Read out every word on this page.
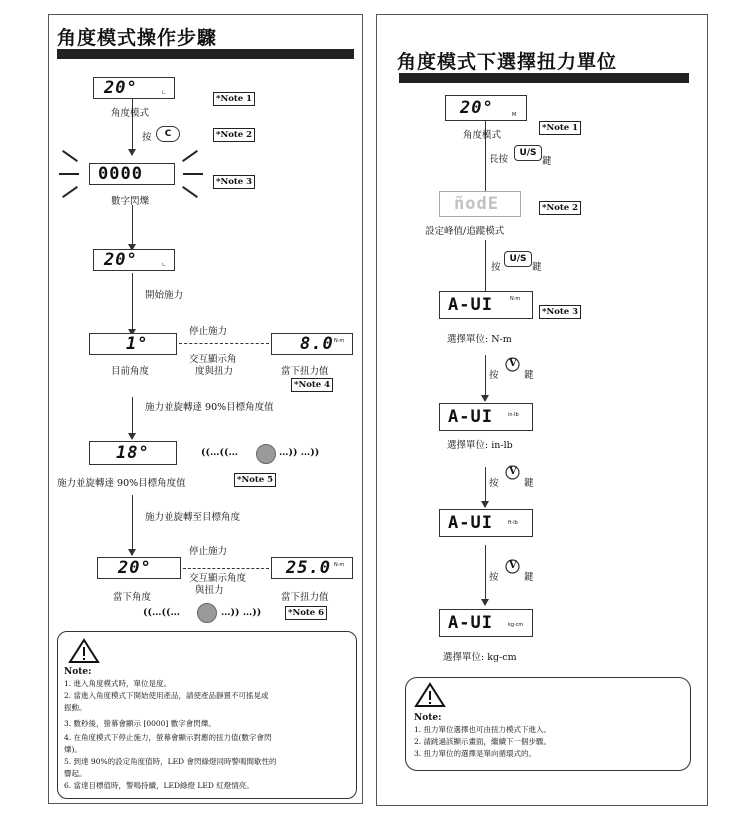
角度模式操作步驟
20°	∟
角度模式
*Note 1
按	C	*Note 2
0000	*Note 3
數字閃爍
20°	∟
開始施力
停止施力
1°	8.0 N·m
交互顯示角
度與扭力
目前角度	當下扭力值
*Note 4
施力並旋轉達 90%目標角度值
18°	((…((…	…)) …))
施力並旋轉達 90%目標角度值	*Note 5
施力並旋轉至目標角度
停止施力
20°	25.0 N·m
交互顯示角度
與扭力
當下角度	當下扭力值
((…((…	…)) …))	*Note 6
Note:
1. 進入角度模式時，單位是度。
2. 當進入角度模式下開始使用產品，請使產品靜置不可搖晃或
振動。
3. 數秒後，螢幕會顯示 [0000] 數字會閃爍。
4. 在角度模式下停止施力，螢幕會顯示對應的扭力值(數字會閃
爍)。
5. 到達 90%的設定角度值時，LED 會閃綠燈同時警鳴間歇性的
響起。
6. 當達目標值時，警鳴持續，LED綠燈 LED 紅燈情亮。
角度模式下選擇扭力單位
20°	M
角度模式
*Note 1
長按
U/S
鍵
ñodE	*Note 2
設定峰值/追蹤模式
按
U/S
鍵
A-UI	N·m
*Note 3
選擇單位: N-m
按
V
鍵
A-UI	in·lb
選擇單位: in-lb
按
V
鍵
A-UI	ft·lb
按
V
鍵
A-UI	kg·cm
選擇單位: kg-cm
Note:
1. 扭力單位選擇也可由扭力模式下進入。
2. 請跳過該顯示畫面，繼續下一個步驟。
3. 扭力單位的選擇是單向循環式的。
